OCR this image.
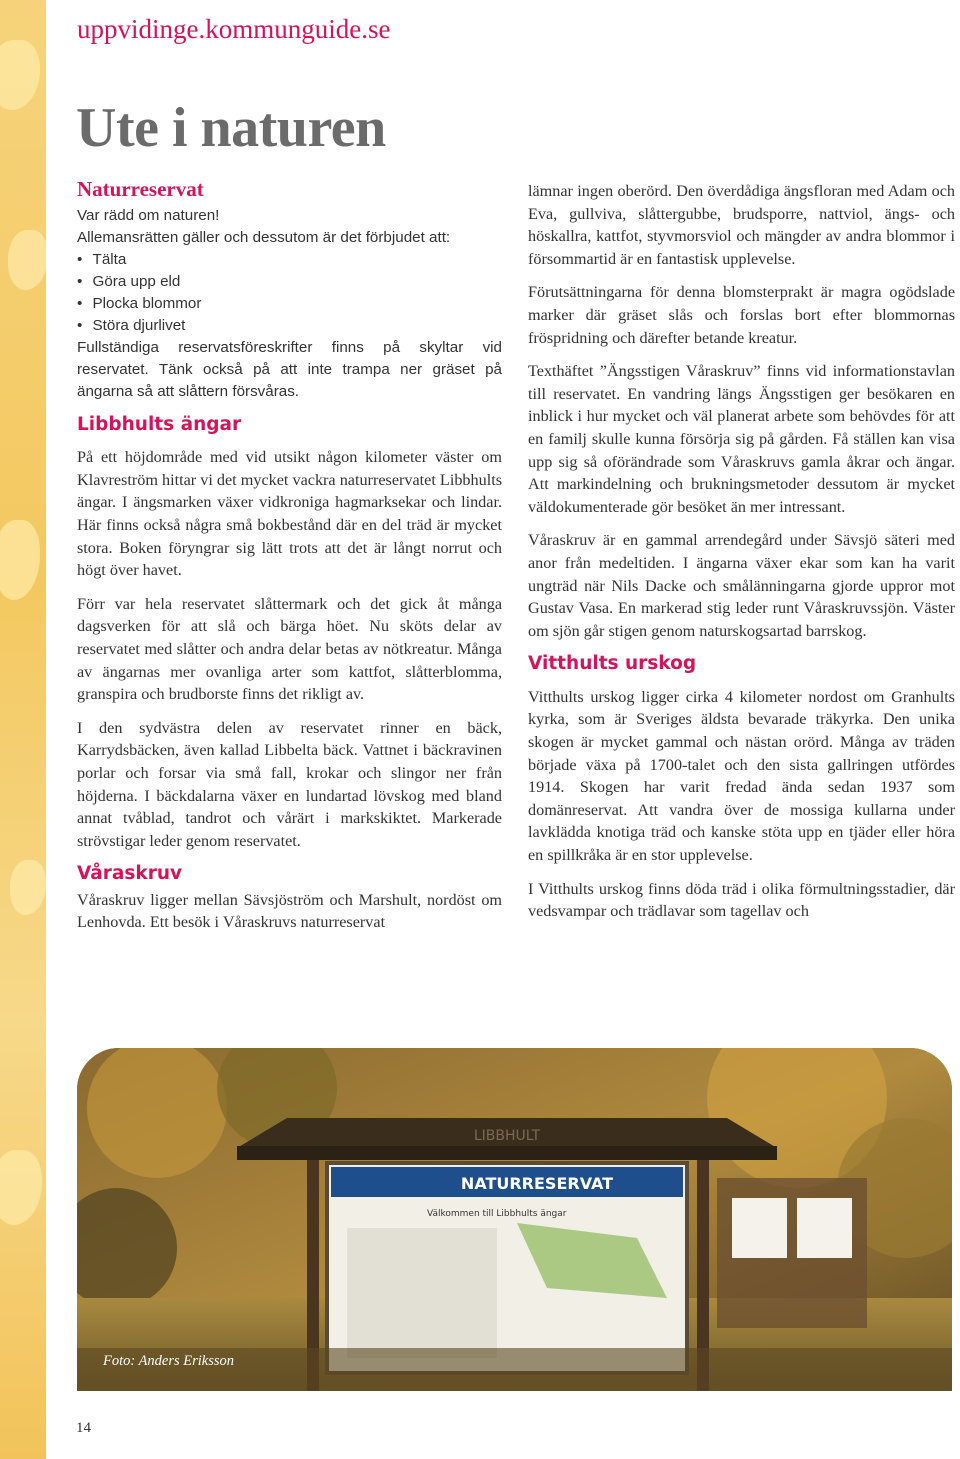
uppvidinge.kommunguide.se
Ute i naturen
Naturreservat

Var rädd om naturen!

Allemansrätten gäller och dessutom är det förbjudet att:

• Tälta
• Göra upp eld
• Plocka blommor
• Störa djurlivet

Fullständiga reservatsföreskrifter finns på skyltar vid reservatet. Tänk också på att inte trampa ner gräset på ängarna så att slåttern försvåras.

Libbhults ängar

På ett höjdområde med vid utsikt någon kilometer väster om Klavreström hittar vi det mycket vackra naturreservatet Libbhults ängar. I ängsmarken växer vidkroniga hagmarksekar och lindar. Här finns också några små bokbestånd där en del träd är mycket stora. Boken föryngrar sig lätt trots att det är långt norrut och högt över havet.

Förr var hela reservatet slåttermark och det gick åt många dagsverken för att slå och bärga höet. Nu sköts delar av reservatet med slåtter och andra delar betas av nötkreatur. Många av ängarnas mer ovanliga arter som kattfot, slåtterblomma, granspira och brudborste finns det rikligt av.

I den sydvästra delen av reservatet rinner en bäck, Karrydsbäcken, även kallad Libbelta bäck. Vattnet i bäckravinen porlar och forsar via små fall, krokar och slingor ner från höjderna. I bäckdalarna växer en lundartad lövskog med bland annat tvåblad, tandrot och vårärt i markskiktet. Markerade strövstigar leder genom reservatet.

Våraskruv

Våraskruv ligger mellan Sävsjöström och Marshult, nordöst om Lenhovda. Ett besök i Våraskruvs naturreservat

lämnar ingen oberörd. Den överdådiga ängsfloran med Adam och Eva, gullviva, slåttergubbe, brudsporre, nattviol, ängs- och höskallra, kattfot, styvmorsviol och mängder av andra blommor i försommartid är en fantastisk upplevelse.

Förutsättningarna för denna blomsterprakt är magra ogödslade marker där gräset slås och forslas bort efter blommornas fröspridning och därefter betande kreatur.

Texthäftet ”Ängsstigen Våraskruv” finns vid informationstavlan till reservatet. En vandring längs Ängsstigen ger besökaren en inblick i hur mycket och väl planerat arbete som behövdes för att en familj skulle kunna försörja sig på gården. Få ställen kan visa upp sig så oförändrade som Våraskruvs gamla åkrar och ängar. Att markindelning och brukningsmetoder dessutom är mycket väldokumenterade gör besöket än mer intressant.

Våraskruv är en gammal arrendegård under Sävsjö säteri med anor från medeltiden. I ängarna växer ekar som kan ha varit ungträd när Nils Dacke och smålänningarna gjorde uppror mot Gustav Vasa. En markerad stig leder runt Våraskruvssjön. Väster om sjön går stigen genom naturskogsartad barrskog.

Vitthults urskog

Vitthults urskog ligger cirka 4 kilometer nordost om Granhults kyrka, som är Sveriges äldsta bevarade träkyrka. Den unika skogen är mycket gammal och nästan orörd. Många av träden började växa på 1700-talet och den sista gallringen utfördes 1914. Skogen har varit fredad ända sedan 1937 som domänreservat. Att vandra över de mossiga kullarna under lavklädda knotiga träd och kanske stöta upp en tjäder eller höra en spillkråka är en stor upplevelse.

I Vitthults urskog finns döda träd i olika förmultningsstadier, där vedsvampar och trädlavar som tagellav och

LIBBHULT
NATURRESERVAT
Välkommen till Libbhults ängar
Foto: Anders Eriksson
14
